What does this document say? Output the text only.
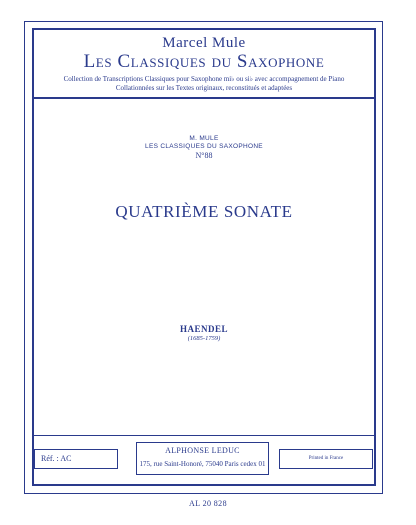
Marcel Mule
Les Classiques du Saxophone
Collection de Transcriptions Classiques pour Saxophone mi♭ ou si♭ avec accompagnement de Piano
Collationnées sur les Textes originaux, reconstitués et adaptées
M. MULE
LES CLASSIQUES DU SAXOPHONE
N°88
QUATRIÈME SONATE
HAENDEL
(1685-1759)
Réf. : AC
ALPHONSE LEDUC
175, rue Saint-Honoré, 75040 Paris cedex 01
Printed in France
AL 20 828
